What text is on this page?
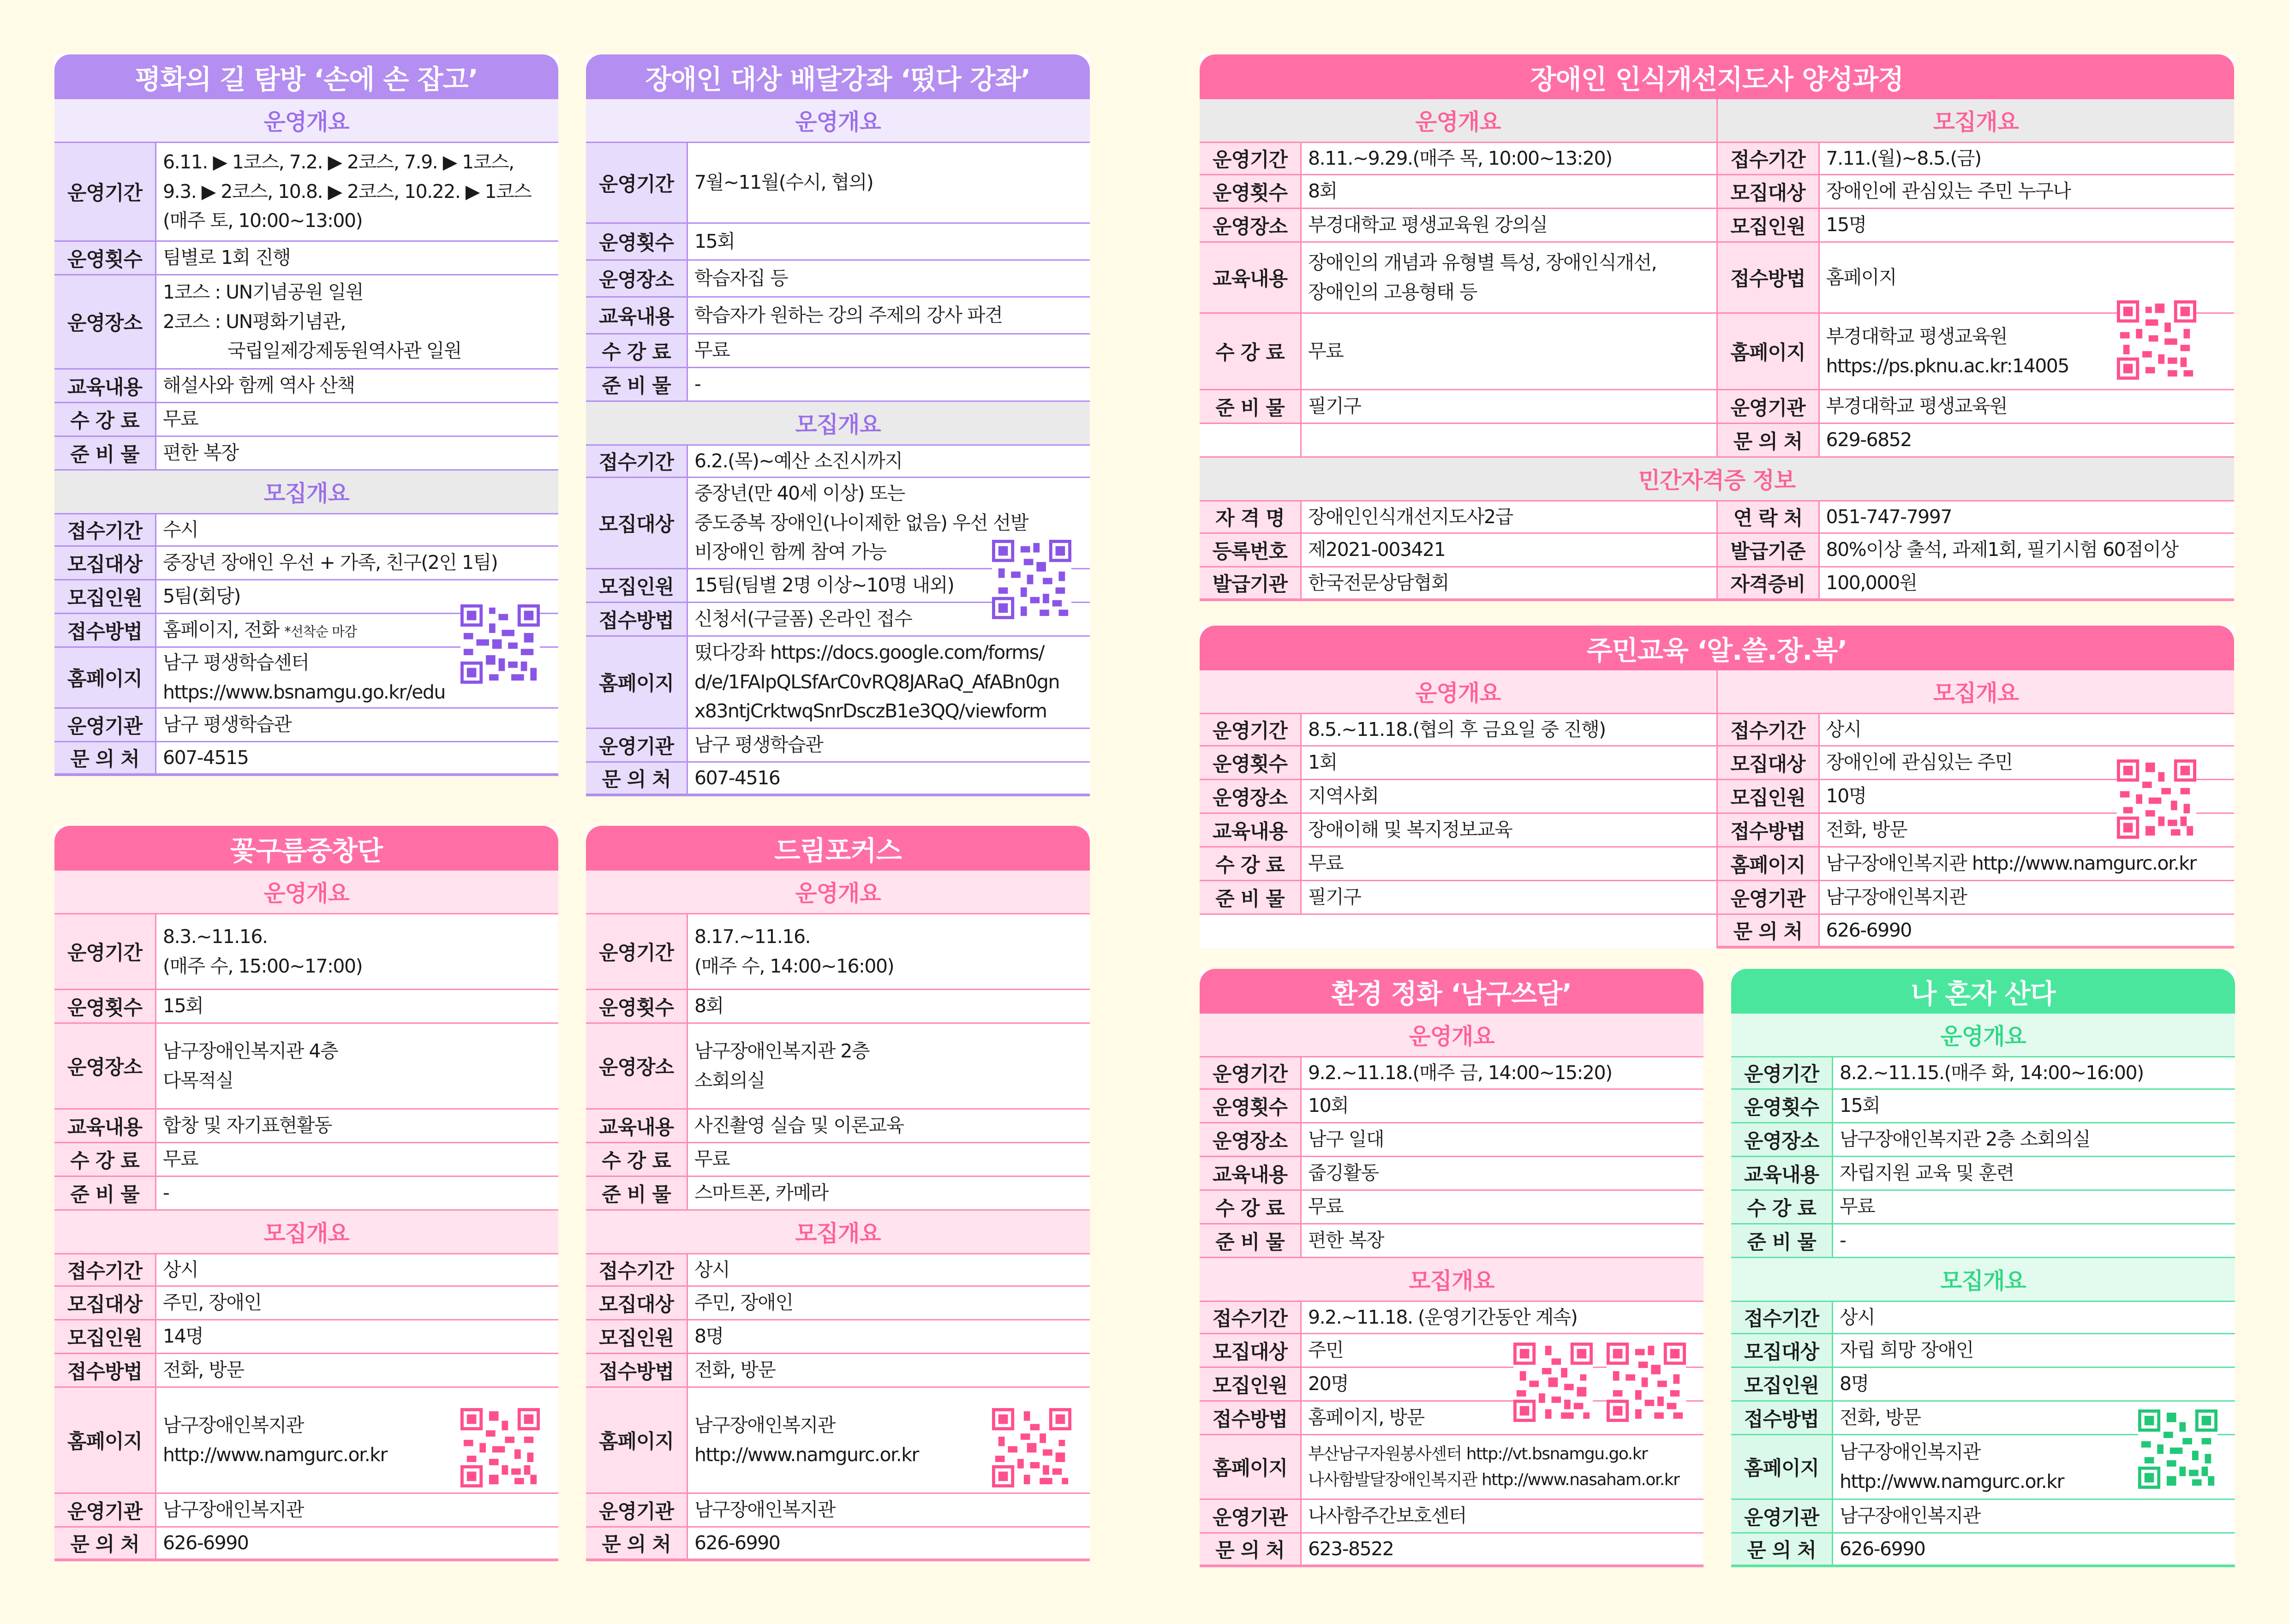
평화의 길 탐방 ‘손에 손 잡고’
운영개요
운영기간
6.11. ▶ 1코스, 7.2. ▶ 2코스, 7.9. ▶ 1코스,
9.3. ▶ 2코스, 10.8. ▶ 2코스, 10.22. ▶ 1코스
(매주 토, 10:00~13:00)
운영횟수	팀별로 1회 진행
운영장소
1코스 : UN기념공원 일원
2코스 : UN평화기념관,
국립일제강제동원역사관 일원
교육내용	해설사와 함께 역사 산책
수 강 료	무료
준 비 물	편한 복장
모집개요
접수기간	수시
모집대상	중장년 장애인 우선 + 가족, 친구(2인 1팀)
모집인원	5팀(회당)
접수방법	홈페이지, 전화 *선착순 마감
홈페이지
남구 평생학습센터
https://www.bsnamgu.go.kr/edu
운영기관	남구 평생학습관
문 의 처	607-4515
장애인 대상 배달강좌 ‘떴다 강좌’
운영개요
운영기간	7월~11월(수시, 협의)
운영횟수	15회
운영장소	학습자집 등
교육내용	학습자가 원하는 강의 주제의 강사 파견
수 강 료	무료
준 비 물	-
모집개요
접수기간	6.2.(목)~예산 소진시까지
모집대상
중장년(만 40세 이상) 또는
중도중복 장애인(나이제한 없음) 우선 선발
비장애인 함께 참여 가능
모집인원	15팀(팀별 2명 이상~10명 내외)
접수방법	신청서(구글폼) 온라인 접수
홈페이지
떴다강좌 https://docs.google.com/forms/
d/e/1FAIpQLSfArC0vRQ8JARaQ_AfABn0gn
x83ntjCrktwqSnrDsczB1e3QQ/viewform
운영기관	남구 평생학습관
문 의 처	607-4516
꽃구름중창단
운영개요
운영기간
8.3.~11.16.
(매주 수, 15:00~17:00)
운영횟수	15회
운영장소
남구장애인복지관 4층
다목적실
교육내용	합창 및 자기표현활동
수 강 료	무료
준 비 물	-
모집개요
접수기간	상시
모집대상	주민, 장애인
모집인원	14명
접수방법	전화, 방문
홈페이지
남구장애인복지관
http://www.namgurc.or.kr
운영기관	남구장애인복지관
문 의 처	626-6990
드림포커스
운영개요
운영기간
8.17.~11.16.
(매주 수, 14:00~16:00)
운영횟수	8회
운영장소
남구장애인복지관 2층
소회의실
교육내용	사진촬영 실습 및 이론교육
수 강 료	무료
준 비 물	스마트폰, 카메라
모집개요
접수기간	상시
모집대상	주민, 장애인
모집인원	8명
접수방법	전화, 방문
홈페이지
남구장애인복지관
http://www.namgurc.or.kr
운영기관	남구장애인복지관
문 의 처	626-6990
장애인 인식개선지도사 양성과정
운영개요
운영기간	8.11.~9.29.(매주 목, 10:00~13:20)
운영횟수	8회
운영장소	부경대학교 평생교육원 강의실
교육내용
장애인의 개념과 유형별 특성, 장애인식개선,
장애인의 고용형태 등
수 강 료	무료
준 비 물	필기구
모집개요
접수기간	7.11.(월)~8.5.(금)
모집대상	장애인에 관심있는 주민 누구나
모집인원	15명
접수방법	홈페이지
홈페이지
부경대학교 평생교육원
https://ps.pknu.ac.kr:14005
운영기관	부경대학교 평생교육원
문 의 처	629-6852
민간자격증 정보
자 격 명	장애인인식개선지도사2급
등록번호	제2021-003421
발급기관	한국전문상담협회
연 락 처	051-747-7997
발급기준	80%이상 출석, 과제1회, 필기시험 60점이상
자격증비	100,000원
주민교육 ‘알.쓸.장.복’
운영개요
운영기간	8.5.~11.18.(협의 후 금요일 중 진행)
운영횟수	1회
운영장소	지역사회
교육내용	장애이해 및 복지정보교육
수 강 료	무료
준 비 물	필기구
모집개요
접수기간	상시
모집대상	장애인에 관심있는 주민
모집인원	10명
접수방법	전화, 방문
홈페이지	남구장애인복지관 http://www.namgurc.or.kr
운영기관	남구장애인복지관
문 의 처	626-6990
환경 정화 ‘남구쓰담’
운영개요
운영기간	9.2.~11.18.(매주 금, 14:00~15:20)
운영횟수	10회
운영장소	남구 일대
교육내용	줍깅활동
수 강 료	무료
준 비 물	편한 복장
모집개요
접수기간	9.2.~11.18. (운영기간동안 계속)
모집대상	주민
모집인원	20명
접수방법	홈페이지, 방문
홈페이지
부산남구자원봉사센터 http://vt.bsnamgu.go.kr
나사함발달장애인복지관 http://www.nasaham.or.kr
운영기관	나사함주간보호센터
문 의 처	623-8522
나 혼자 산다
운영개요
운영기간	8.2.~11.15.(매주 화, 14:00~16:00)
운영횟수	15회
운영장소	남구장애인복지관 2층 소회의실
교육내용	자립지원 교육 및 훈련
수 강 료	무료
준 비 물	-
모집개요
접수기간	상시
모집대상	자립 희망 장애인
모집인원	8명
접수방법	전화, 방문
홈페이지
남구장애인복지관
http://www.namgurc.or.kr
운영기관	남구장애인복지관
문 의 처	626-6990
